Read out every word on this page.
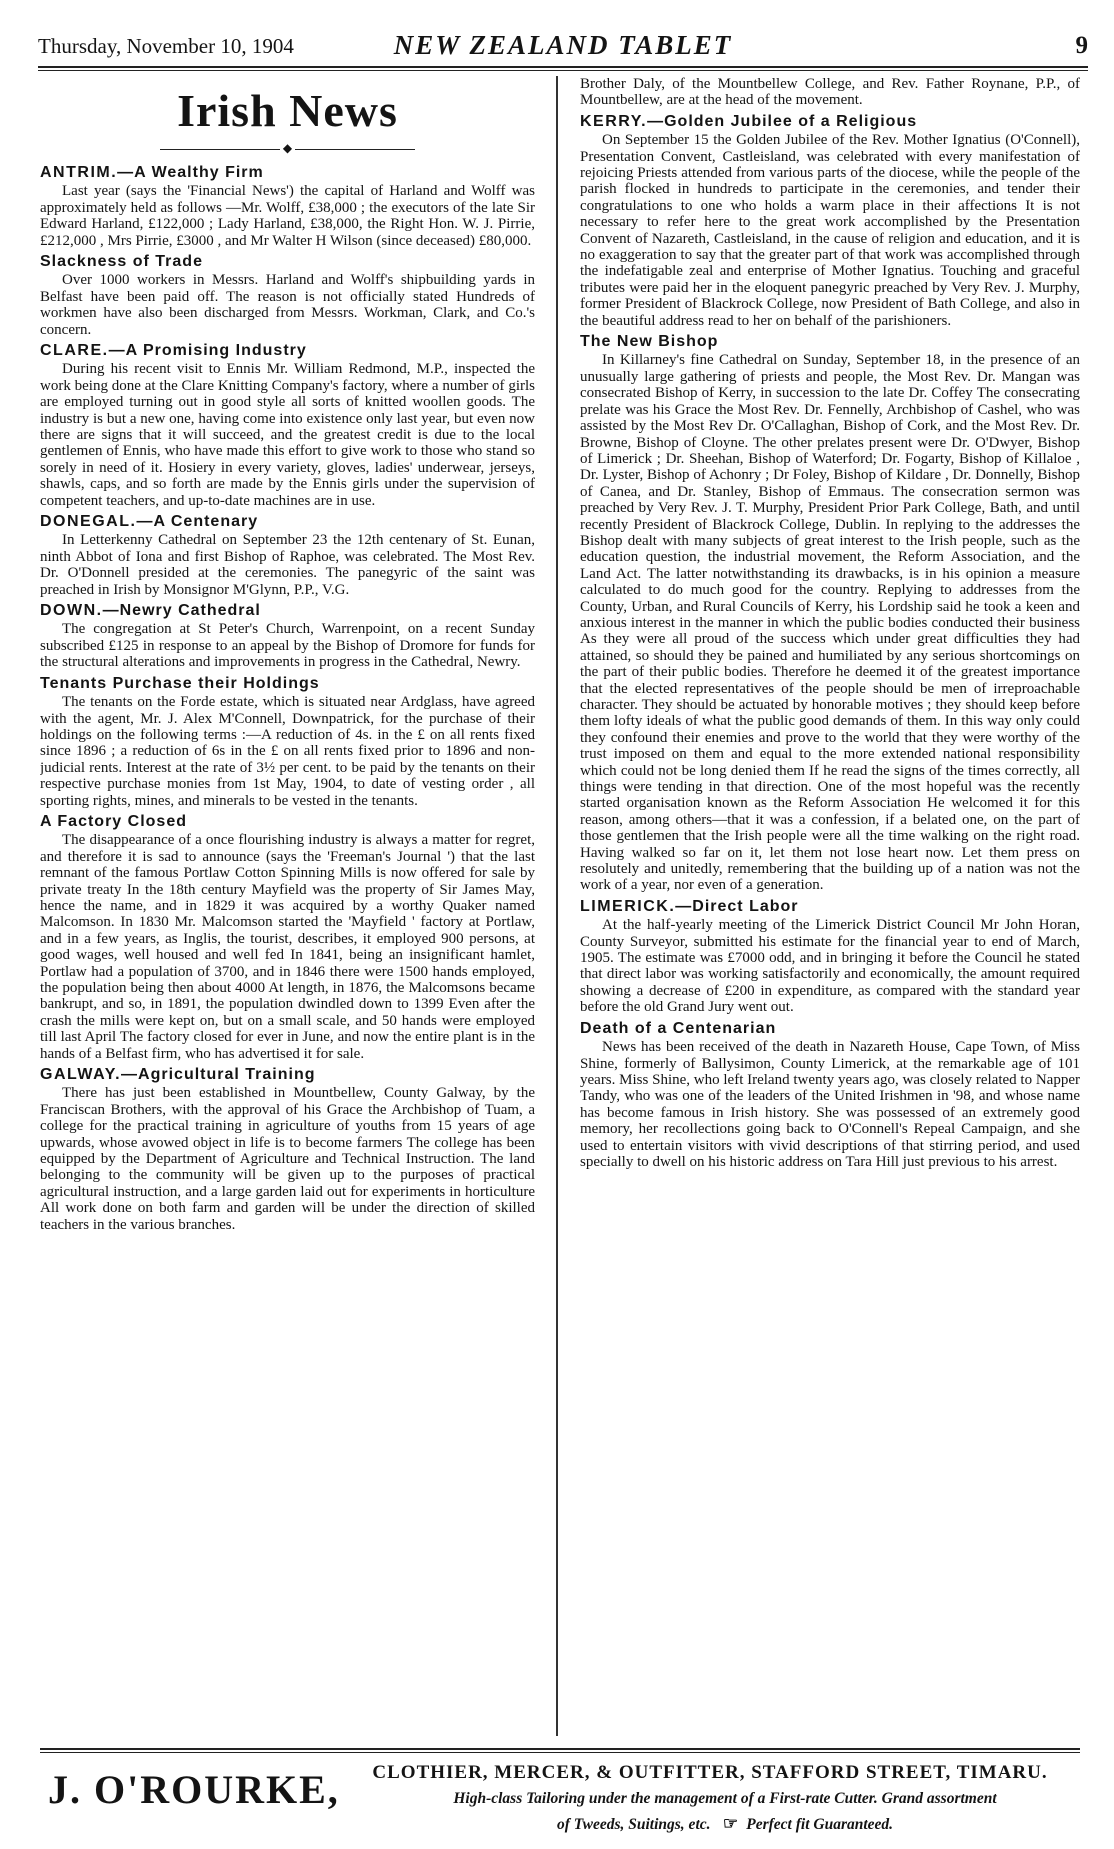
Thursday, November 10, 1904	NEW ZEALAND TABLET	9
Irish News
◆
ANTRIM.—A Wealthy Firm

Last year (says the 'Financial News') the capital of Harland and Wolff was approximately held as follows —Mr. Wolff, £38,000 ; the executors of the late Sir Edward Harland, £122,000 ; Lady Harland, £38,000, the Right Hon. W. J. Pirrie, £212,000 , Mrs Pirrie, £3000 , and Mr Walter H Wilson (since deceased) £80,000.

Slackness of Trade

Over 1000 workers in Messrs. Harland and Wolff's shipbuilding yards in Belfast have been paid off. The reason is not officially stated Hundreds of workmen have also been discharged from Messrs. Workman, Clark, and Co.'s concern.

CLARE.—A Promising Industry

During his recent visit to Ennis Mr. William Redmond, M.P., inspected the work being done at the Clare Knitting Company's factory, where a number of girls are employed turning out in good style all sorts of knitted woollen goods. The industry is but a new one, having come into existence only last year, but even now there are signs that it will succeed, and the greatest credit is due to the local gentlemen of Ennis, who have made this effort to give work to those who stand so sorely in need of it. Hosiery in every variety, gloves, ladies' underwear, jerseys, shawls, caps, and so forth are made by the Ennis girls under the supervision of competent teachers, and up-to-date machines are in use.

DONEGAL.—A Centenary

In Letterkenny Cathedral on September 23 the 12th centenary of St. Eunan, ninth Abbot of Iona and first Bishop of Raphoe, was celebrated. The Most Rev. Dr. O'Donnell presided at the ceremonies. The panegyric of the saint was preached in Irish by Monsignor M'Glynn, P.P., V.G.

DOWN.—Newry Cathedral

The congregation at St Peter's Church, Warrenpoint, on a recent Sunday subscribed £125 in response to an appeal by the Bishop of Dromore for funds for the structural alterations and improvements in progress in the Cathedral, Newry.

Tenants Purchase their Holdings

The tenants on the Forde estate, which is situated near Ardglass, have agreed with the agent, Mr. J. Alex M'Connell, Downpatrick, for the purchase of their holdings on the following terms :—A reduction of 4s. in the £ on all rents fixed since 1896 ; a reduction of 6s in the £ on all rents fixed prior to 1896 and non-judicial rents. Interest at the rate of 3½ per cent. to be paid by the tenants on their respective purchase monies from 1st May, 1904, to date of vesting order , all sporting rights, mines, and minerals to be vested in the tenants.

A Factory Closed

The disappearance of a once flourishing industry is always a matter for regret, and therefore it is sad to announce (says the 'Freeman's Journal ') that the last remnant of the famous Portlaw Cotton Spinning Mills is now offered for sale by private treaty In the 18th century Mayfield was the property of Sir James May, hence the name, and in 1829 it was acquired by a worthy Quaker named Malcomson. In 1830 Mr. Malcomson started the 'Mayfield ' factory at Portlaw, and in a few years, as Inglis, the tourist, describes, it employed 900 persons, at good wages, well housed and well fed In 1841, being an insignificant hamlet, Portlaw had a population of 3700, and in 1846 there were 1500 hands employed, the population being then about 4000 At length, in 1876, the Malcomsons became bankrupt, and so, in 1891, the population dwindled down to 1399 Even after the crash the mills were kept on, but on a small scale, and 50 hands were employed till last April The factory closed for ever in June, and now the entire plant is in the hands of a Belfast firm, who has advertised it for sale.

GALWAY.—Agricultural Training

There has just been established in Mountbellew, County Galway, by the Franciscan Brothers, with the approval of his Grace the Archbishop of Tuam, a college for the practical training in agriculture of youths from 15 years of age upwards, whose avowed object in life is to become farmers The college has been equipped by the Department of Agriculture and Technical Instruction. The land belonging to the community will be given up to the purposes of practical agricultural instruction, and a large garden laid out for experiments in horticulture All work done on both farm and garden will be under the direction of skilled teachers in the various branches.

Brother Daly, of the Mountbellew College, and Rev. Father Roynane, P.P., of Mountbellew, are at the head of the movement.

KERRY.—Golden Jubilee of a Religious

On September 15 the Golden Jubilee of the Rev. Mother Ignatius (O'Connell), Presentation Convent, Castleisland, was celebrated with every manifestation of rejoicing Priests attended from various parts of the diocese, while the people of the parish flocked in hundreds to participate in the ceremonies, and tender their congratulations to one who holds a warm place in their affections It is not necessary to refer here to the great work accomplished by the Presentation Convent of Nazareth, Castleisland, in the cause of religion and education, and it is no exaggeration to say that the greater part of that work was accomplished through the indefatigable zeal and enterprise of Mother Ignatius. Touching and graceful tributes were paid her in the eloquent panegyric preached by Very Rev. J. Murphy, former President of Blackrock College, now President of Bath College, and also in the beautiful address read to her on behalf of the parishioners.

The New Bishop

In Killarney's fine Cathedral on Sunday, September 18, in the presence of an unusually large gathering of priests and people, the Most Rev. Dr. Mangan was consecrated Bishop of Kerry, in succession to the late Dr. Coffey The consecrating prelate was his Grace the Most Rev. Dr. Fennelly, Archbishop of Cashel, who was assisted by the Most Rev Dr. O'Callaghan, Bishop of Cork, and the Most Rev. Dr. Browne, Bishop of Cloyne. The other prelates present were Dr. O'Dwyer, Bishop of Limerick ; Dr. Sheehan, Bishop of Waterford; Dr. Fogarty, Bishop of Killaloe , Dr. Lyster, Bishop of Achonry ; Dr Foley, Bishop of Kildare , Dr. Donnelly, Bishop of Canea, and Dr. Stanley, Bishop of Emmaus. The consecration sermon was preached by Very Rev. J. T. Murphy, President Prior Park College, Bath, and until recently President of Blackrock College, Dublin. In replying to the addresses the Bishop dealt with many subjects of great interest to the Irish people, such as the education question, the industrial movement, the Reform Association, and the Land Act. The latter notwithstanding its drawbacks, is in his opinion a measure calculated to do much good for the country. Replying to addresses from the County, Urban, and Rural Councils of Kerry, his Lordship said he took a keen and anxious interest in the manner in which the public bodies conducted their business As they were all proud of the success which under great difficulties they had attained, so should they be pained and humiliated by any serious shortcomings on the part of their public bodies. Therefore he deemed it of the greatest importance that the elected representatives of the people should be men of irreproachable character. They should be actuated by honorable motives ; they should keep before them lofty ideals of what the public good demands of them. In this way only could they confound their enemies and prove to the world that they were worthy of the trust imposed on them and equal to the more extended national responsibility which could not be long denied them If he read the signs of the times correctly, all things were tending in that direction. One of the most hopeful was the recently started organisation known as the Reform Association He welcomed it for this reason, among others—that it was a confession, if a belated one, on the part of those gentlemen that the Irish people were all the time walking on the right road. Having walked so far on it, let them not lose heart now. Let them press on resolutely and unitedly, remembering that the building up of a nation was not the work of a year, nor even of a generation.

LIMERICK.—Direct Labor

At the half-yearly meeting of the Limerick District Council Mr John Horan, County Surveyor, submitted his estimate for the financial year to end of March, 1905. The estimate was £7000 odd, and in bringing it before the Council he stated that direct labor was working satisfactorily and economically, the amount required showing a decrease of £200 in expenditure, as compared with the standard year before the old Grand Jury went out.

Death of a Centenarian

News has been received of the death in Nazareth House, Cape Town, of Miss Shine, formerly of Ballysimon, County Limerick, at the remarkable age of 101 years. Miss Shine, who left Ireland twenty years ago, was closely related to Napper Tandy, who was one of the leaders of the United Irishmen in '98, and whose name has become famous in Irish history. She was possessed of an extremely good memory, her recollections going back to O'Connell's Repeal Campaign, and she used to entertain visitors with vivid descriptions of that stirring period, and used specially to dwell on his historic address on Tara Hill just previous to his arrest.

J. O'ROURKE,	CLOTHIER, MERCER, & OUTFITTER, STAFFORD STREET, TIMARU.
High-class Tailoring under the management of a First-rate Cutter. Grand assortment
of Tweeds, Suitings, etc.   ☞  Perfect fit Guaranteed.
